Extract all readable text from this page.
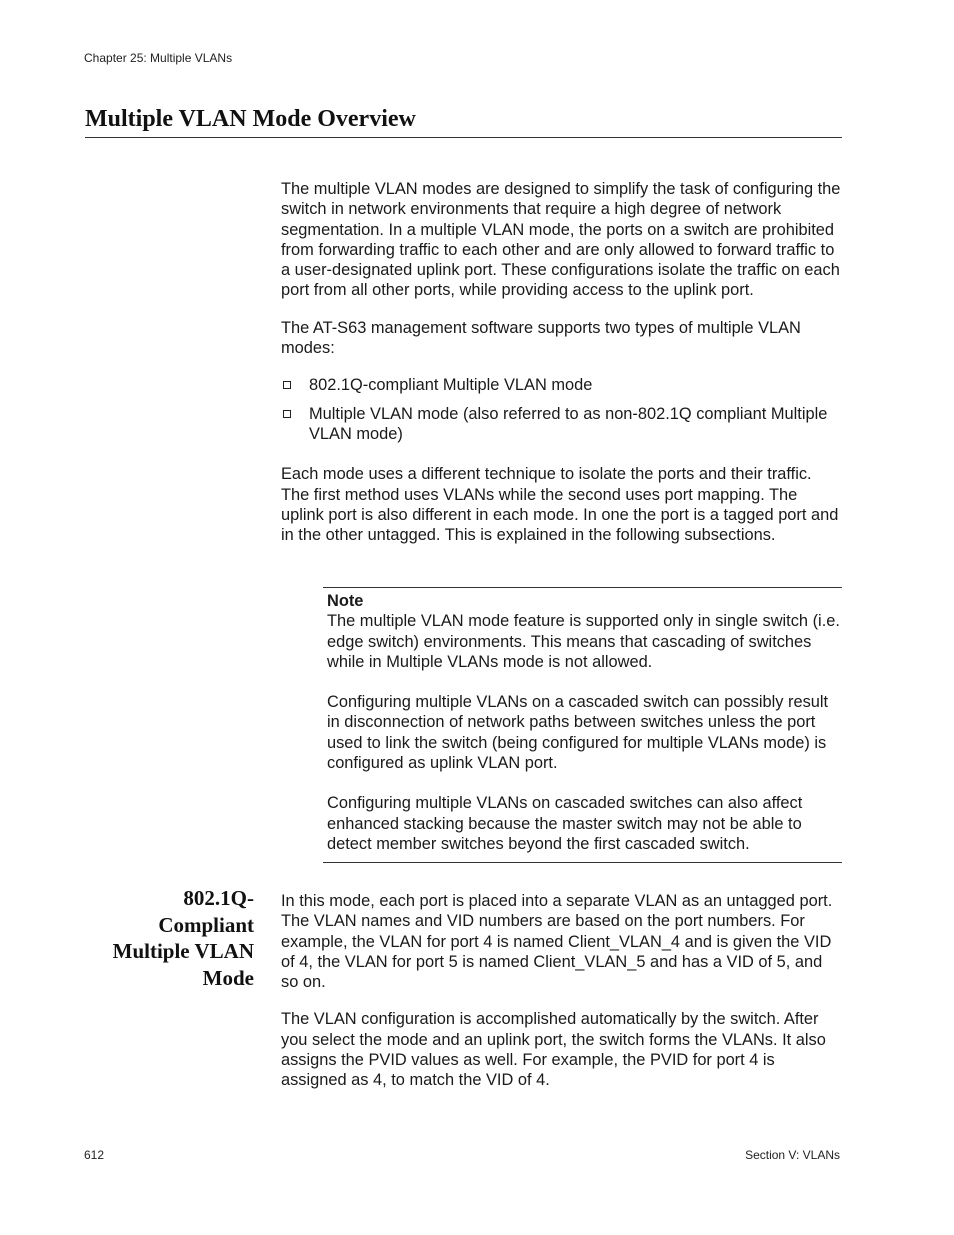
Chapter 25: Multiple VLANs
Multiple VLAN Mode Overview

The multiple VLAN modes are designed to simplify the task of configuring the switch in network environments that require a high degree of network segmentation. In a multiple VLAN mode, the ports on a switch are prohibited from forwarding traffic to each other and are only allowed to forward traffic to a user-designated uplink port. These configurations isolate the traffic on each port from all other ports, while providing access to the uplink port.

The AT-S63 management software supports two types of multiple VLAN modes:

802.1Q-compliant Multiple VLAN mode
Multiple VLAN mode (also referred to as non-802.1Q compliant Multiple VLAN mode)

Each mode uses a different technique to isolate the ports and their traffic. The first method uses VLANs while the second uses port mapping. The uplink port is also different in each mode. In one the port is a tagged port and in the other untagged. This is explained in the following subsections.

Note

The multiple VLAN mode feature is supported only in single switch (i.e. edge switch) environments. This means that cascading of switches while in Multiple VLANs mode is not allowed.

Configuring multiple VLANs on a cascaded switch can possibly result in disconnection of network paths between switches unless the port used to link the switch (being configured for multiple VLANs mode) is configured as uplink VLAN port.

Configuring multiple VLANs on cascaded switches can also affect enhanced stacking because the master switch may not be able to detect member switches beyond the first cascaded switch.

802.1Q-
Compliant
Multiple VLAN
Mode

In this mode, each port is placed into a separate VLAN as an untagged port. The VLAN names and VID numbers are based on the port numbers. For example, the VLAN for port 4 is named Client_VLAN_4 and is given the VID of 4, the VLAN for port 5 is named Client_VLAN_5 and has a VID of 5, and so on.

The VLAN configuration is accomplished automatically by the switch. After you select the mode and an uplink port, the switch forms the VLANs. It also assigns the PVID values as well. For example, the PVID for port 4 is assigned as 4, to match the VID of 4.

612	Section V: VLANs
